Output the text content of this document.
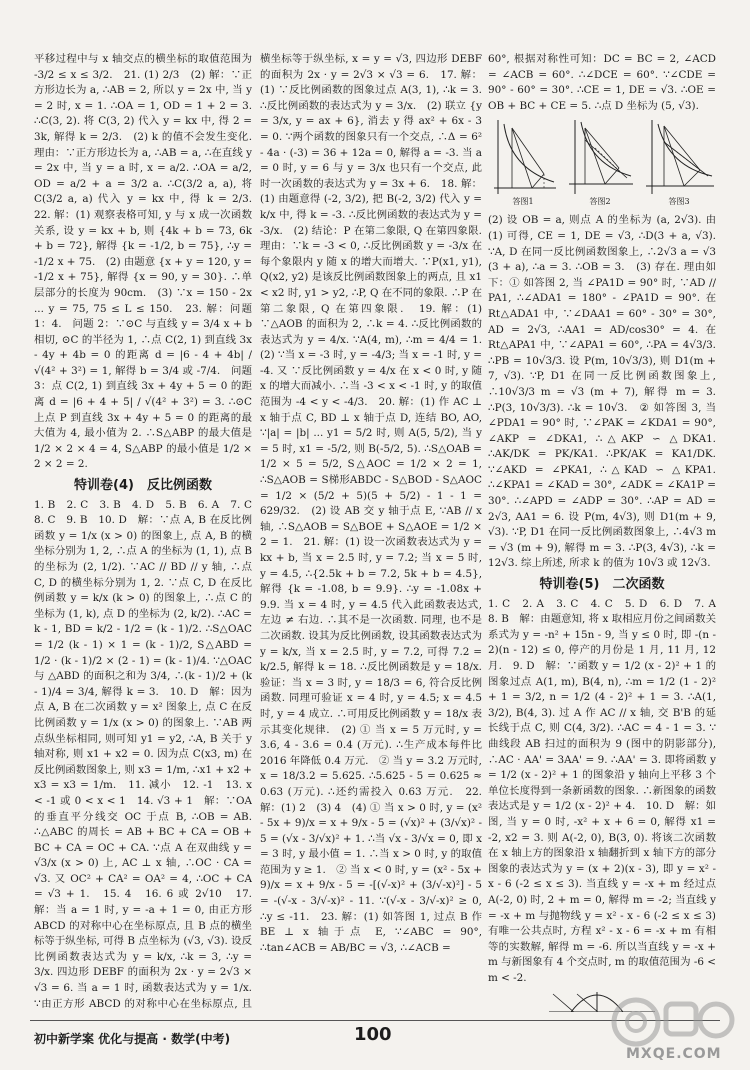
平移过程中与 x 轴交点的横坐标的取值范围为 -3/2 ≤ x ≤ 3/2.　21. (1) 2/3　(2) 解：∵正方形边长为 a, ∴AB = 2, 所以 y = 2x 中, 当 y = 2 时, x = 1. ∴OA = 1, OD = 1 + 2 = 3. ∴C(3, 2). 将 C(3, 2) 代入 y = kx 中, 得 2 = 3k, 解得 k = 2/3.　(2) k 的值不会发生变化. 理由：∵正方形边长为 a, ∴AB = a, ∴在直线 y = 2x 中, 当 y = a 时, x = a/2. ∴OA = a/2, OD = a/2 + a = 3/2 a. ∴C(3/2 a, a), 将 C(3/2 a, a) 代入 y = kx 中, 得 k = 2/3.　22. 解：(1) 观察表格可知, y 与 x 成一次函数关系, 设 y = kx + b, 则 {4k + b = 73, 6k + b = 72}, 解得 {k = -1/2, b = 75}, ∴y = -1/2 x + 75.　(2) 由题意 {x + y = 120, y = -1/2 x + 75}, 解得 {x = 90, y = 30}. ∴单层部分的长度为 90cm.　(3) ∵x = 150 - 2x ... y = 75, 75 ≤ L ≤ 150.　23. 解：问题 1：4.　问题 2：∵⊙C 与直线 y = 3/4 x + b 相切, ⊙C 的半径为 1, ∴点 C(2, 1) 到直线 3x - 4y + 4b = 0 的距离 d = |6 - 4 + 4b| / √(4² + 3²) = 1, 解得 b = 3/4 或 -7/4.　问题 3：点 C(2, 1) 到直线 3x + 4y + 5 = 0 的距离 d = |6 + 4 + 5| / √(4² + 3²) = 3. ∴⊙C 上点 P 到直线 3x + 4y + 5 = 0 的距离的最大值为 4, 最小值为 2. ∴S△ABP 的最大值是 1/2 × 2 × 4 = 4, S△ABP 的最小值是 1/2 × 2 × 2 = 2.

特训卷(4)　反比例函数

1. B　2. C　3. B　4. D　5. B　6. A　7. C　8. C　9. B　10. D　解：∵点 A, B 在反比例函数 y = 1/x (x > 0) 的图象上, 点 A, B 的横坐标分别为 1, 2, ∴点 A 的坐标为 (1, 1), 点 B 的坐标为 (2, 1/2). ∵AC // BD // y 轴, ∴点 C, D 的横坐标分别为 1, 2. ∵点 C, D 在反比例函数 y = k/x (k > 0) 的图象上, ∴点 C 的坐标为 (1, k), 点 D 的坐标为 (2, k/2). ∴AC = k - 1, BD = k/2 - 1/2 = (k - 1)/2. ∴S△OAC = 1/2 (k - 1) × 1 = (k - 1)/2, S△ABD = 1/2 · (k - 1)/2 × (2 - 1) = (k - 1)/4. ∵△OAC 与 △ABD 的面积之和为 3/4, ∴(k - 1)/2 + (k - 1)/4 = 3/4, 解得 k = 3.　10. D　解：因为点 A, B 在二次函数 y = x² 图象上, 点 C 在反比例函数 y = 1/x (x > 0) 的图象上. ∵AB 两点纵坐标相同, 则可知 y1 = y2, ∴A, B 关于 y 轴对称, 则 x1 + x2 = 0. 因为点 C(x3, m) 在反比例函数图象上, 则 x3 = 1/m, ∴x1 + x2 + x3 = x3 = 1/m.　11. 减小　12. -1　13. x < -1 或 0 < x < 1　14. √3 + 1　解：∵OA 的垂直平分线交 OC 于点 B, ∴OB = AB. ∴△ABC 的周长 = AB + BC + CA = OB + BC + CA = OC + CA. ∵点 A 在双曲线 y = √3/x (x > 0) 上, AC ⊥ x 轴, ∴OC · CA = √3. 又 OC² + CA² = OA² = 4, ∴OC + CA = √3 + 1.　15. 4　16. 6 或 2√10　17. 解：当 a = 1 时, y = -a + 1 = 0, 由正方形 ABCD 的对称中心在坐标原点, 且 B 点的横坐标等于纵坐标, 可得 B 点坐标为 (√3, √3). 设反比例函数表达式为 y = k/x, ∴k = 3, ∴y = 3/x. 四边形 DEBF 的面积为 2x · y = 2√3 × √3 = 6. 当 a = 1 时, 函数表达式为 y = 1/x. ∵由正方形 ABCD 的对称中心在坐标原点, 且 　

横坐标等于纵坐标, x = y = √3, 四边形 DEBF 的面积为 2x · y = 2√3 × √3 = 6.　17. 解：(1) ∵反比例函数的图象过点 A(3, 1), ∴k = 3. ∴反比例函数的表达式为 y = 3/x.　(2) 联立 {y = 3/x, y = ax + 6}, 消去 y 得 ax² + 6x - 3 = 0. ∵两个函数的图象只有一个交点, ∴Δ = 6² - 4a · (-3) = 36 + 12a = 0, 解得 a = -3. 当 a = 0 时, y = 6 与 y = 3/x 也只有一个交点, 此时一次函数的表达式为 y = 3x + 6.　18. 解：(1) 由题意得 (-2, 3/2), 把 B(-2, 3/2) 代入 y = k/x 中, 得 k = -3. ∴反比例函数的表达式为 y = -3/x.　(2) 结论：P 在第二象限, Q 在第四象限. 理由：∵k = -3 < 0, ∴反比例函数 y = -3/x 在每个象限内 y 随 x 的增大而增大. ∵P(x1, y1), Q(x2, y2) 是该反比例函数图象上的两点, 且 x1 < x2 时, y1 > y2, ∴P, Q 在不同的象限. ∴P 在第二象限, Q 在第四象限.　19. 解：(1) ∵△AOB 的面积为 2, ∴k = 4. ∴反比例函数的表达式为 y = 4/x. ∵A(4, m), ∴m = 4/4 = 1.　(2) ∵当 x = -3 时, y = -4/3; 当 x = -1 时, y = -4. 又 ∵反比例函数 y = 4/x 在 x < 0 时, y 随 x 的增大而减小. ∴当 -3 < x < -1 时, y 的取值范围为 -4 < y < -4/3.　20. 解：(1) 作 AC ⊥ x 轴于点 C, BD ⊥ x 轴于点 D, 连结 BO, AO, ∵|a| = |b| ... y1 = 5/2 时, 则 A(5, 5/2), 当 y = 5 时, x1 = -5/2, 则 B(-5/2, 5). ∴S△OAB = 1/2 × 5 = 5/2, S△AOC = 1/2 × 2 = 1, ∴S△AOB = S梯形ABDC - S△BOD - S△AOC = 1/2 × (5/2 + 5)(5 + 5/2) - 1 - 1 = 629/32.　(2) 设 AB 交 y 轴于点 E, ∵AB // x 轴, ∴S△AOB = S△BOE + S△AOE = 1/2 × 2 = 1.　21. 解：(1) 设一次函数表达式为 y = kx + b, 当 x = 2.5 时, y = 7.2; 当 x = 5 时, y = 4.5, ∴{2.5k + b = 7.2, 5k + b = 4.5}, 解得 {k = -1.08, b = 9.9}. ∴y = -1.08x + 9.9. 当 x = 4 时, y = 4.5 代入此函数表达式, 左边 ≠ 右边. ∴其不是一次函数. 同理, 也不是二次函数. 设其为反比例函数, 设其函数表达式为 y = k/x, 当 x = 2.5 时, y = 7.2, 可得 7.2 = k/2.5, 解得 k = 18. ∴反比例函数是 y = 18/x. 验证：当 x = 3 时, y = 18/3 = 6, 符合反比例函数. 同理可验证 x = 4 时, y = 4.5; x = 4.5 时, y = 4 成立. ∴可用反比例函数 y = 18/x 表示其变化规律.　(2) ① 当 x = 5 万元时, y = 3.6, 4 - 3.6 = 0.4 (万元). ∴生产成本每件比 2016 年降低 0.4 万元.　② 当 y = 3.2 万元时, x = 18/3.2 = 5.625. ∴5.625 - 5 = 0.625 ≈ 0.63 (万元). ∴还约需投入 0.63 万元.　22. 解：(1) 2　(3) 4　(4) ① 当 x > 0 时, y = (x² - 5x + 9)/x = x + 9/x - 5 = (√x)² + (3/√x)² - 5 = (√x - 3/√x)² + 1. ∴当 √x - 3/√x = 0, 即 x = 3 时, y 最小值 = 1. ∴当 x > 0 时, y 的取值范围为 y ≥ 1.　② 当 x < 0 时, y = (x² - 5x + 9)/x = x + 9/x - 5 = -[(√-x)² + (3/√-x)²] - 5 = -(√-x - 3/√-x)² - 11. ∵(√-x - 3/√-x)² ≥ 0, ∴y ≤ -11.　23. 解：(1) 如答图 1, 过点 B 作 BE ⊥ x 轴于点 E, ∵∠ABC = 90°, ∴tan∠ACB = AB/BC = √3, ∴∠ACB =

60°, 根据对称性可知：DC = BC = 2, ∠ACD = ∠ACB = 60°. ∴∠DCE = 60°. ∵∠CDE = 90° - 60° = 30°. ∴CE = 1, DE = √3. ∴OE = OB + BC + CE = 5. ∴点 D 坐标为 (5, √3).

答图1	答图2	答图3

(2) 设 OB = a, 则点 A 的坐标为 (a, 2√3). 由 (1) 可得, CE = 1, DE = √3, ∴D(3 + a, √3). ∵A, D 在同一反比例函数图象上, ∴2√3 a = √3 (3 + a), ∴a = 3. ∴OB = 3.　(3) 存在. 理由如下：① 如答图 2, 当 ∠PA1D = 90° 时, ∵AD // PA1, ∴∠ADA1 = 180° - ∠PA1D = 90°. 在 Rt△ADA1 中, ∵∠DAA1 = 60° - 30° = 30°, AD = 2√3, ∴AA1 = AD/cos30° = 4. 在 Rt△APA1 中, ∵∠APA1 = 60°, ∴PA = 4√3/3. ∴PB = 10√3/3. 设 P(m, 10√3/3), 则 D1(m + 7, √3). ∵P, D1 在同一反比例函数图象上, ∴10√3/3 m = √3 (m + 7), 解得 m = 3. ∴P(3, 10√3/3). ∴k = 10√3.　② 如答图 3, 当 ∠PDA1 = 90° 时, ∵∠PAK = ∠KDA1 = 90°, ∠AKP = ∠DKA1, ∴△AKP ∽ △DKA1. ∴AK/DK = PK/KA1. ∴PK/AK = KA1/DK. ∵∠AKD = ∠PKA1, ∴△KAD ∽ △KPA1. ∴∠KPA1 = ∠KAD = 30°, ∠ADK = ∠KA1P = 30°. ∴∠APD = ∠ADP = 30°. ∴AP = AD = 2√3, AA1 = 6. 设 P(m, 4√3), 则 D1(m + 9, √3). ∵P, D1 在同一反比例函数图象上, ∴4√3 m = √3 (m + 9), 解得 m = 3. ∴P(3, 4√3), ∴k = 12√3. 综上所述, 所求 k 的值为 10√3 或 12√3.

特训卷(5)　二次函数

1. C　2. A　3. C　4. C　5. D　6. D　7. A　8. B　解：由题意知, 将 x 取相应月份之间函数关系式为 y = -n² + 15n - 9, 当 y ≤ 0 时, 即 -(n - 2)(n - 12) ≤ 0, 停产的月份是 1 月, 11 月, 12 月.　9. D　解：∵函数 y = 1/2 (x - 2)² + 1 的图象过点 A(1, m), B(4, n), ∴m = 1/2 (1 - 2)² + 1 = 3/2, n = 1/2 (4 - 2)² + 1 = 3. ∴A(1, 3/2), B(4, 3). 过 A 作 AC // x 轴, 交 B'B 的延长线于点 C, 则 C(4, 3/2). ∴AC = 4 - 1 = 3. ∵曲线段 AB 扫过的面积为 9 (图中的阴影部分), ∴AC · AA' = 3AA' = 9. ∴AA' = 3. 即将函数 y = 1/2 (x - 2)² + 1 的图象沿 y 轴向上平移 3 个单位长度得到一条新函数的图象. ∴新图象的函数表达式是 y = 1/2 (x - 2)² + 4.　10. D　解：如图, 当 y = 0 时, -x² + x + 6 = 0, 解得 x1 = -2, x2 = 3. 则 A(-2, 0), B(3, 0). 将该二次函数在 x 轴上方的图象沿 x 轴翻折到 x 轴下方的部分图象的表达式为 y = (x + 2)(x - 3), 即 y = x² - x - 6 (-2 ≤ x ≤ 3). 当直线 y = -x + m 经过点 A(-2, 0) 时, 2 + m = 0, 解得 m = -2; 当直线 y = -x + m 与抛物线 y = x² - x - 6 (-2 ≤ x ≤ 3) 有唯一公共点时, 方程 x² - x - 6 = -x + m 有相等的实数解, 解得 m = -6. 所以当直线 y = -x + m 与新图象有 4 个交点时, m 的取值范围为 -6 < m < -2.

初中新学案 优化与提高 · 数学(中考)	100
MXQE.COM
